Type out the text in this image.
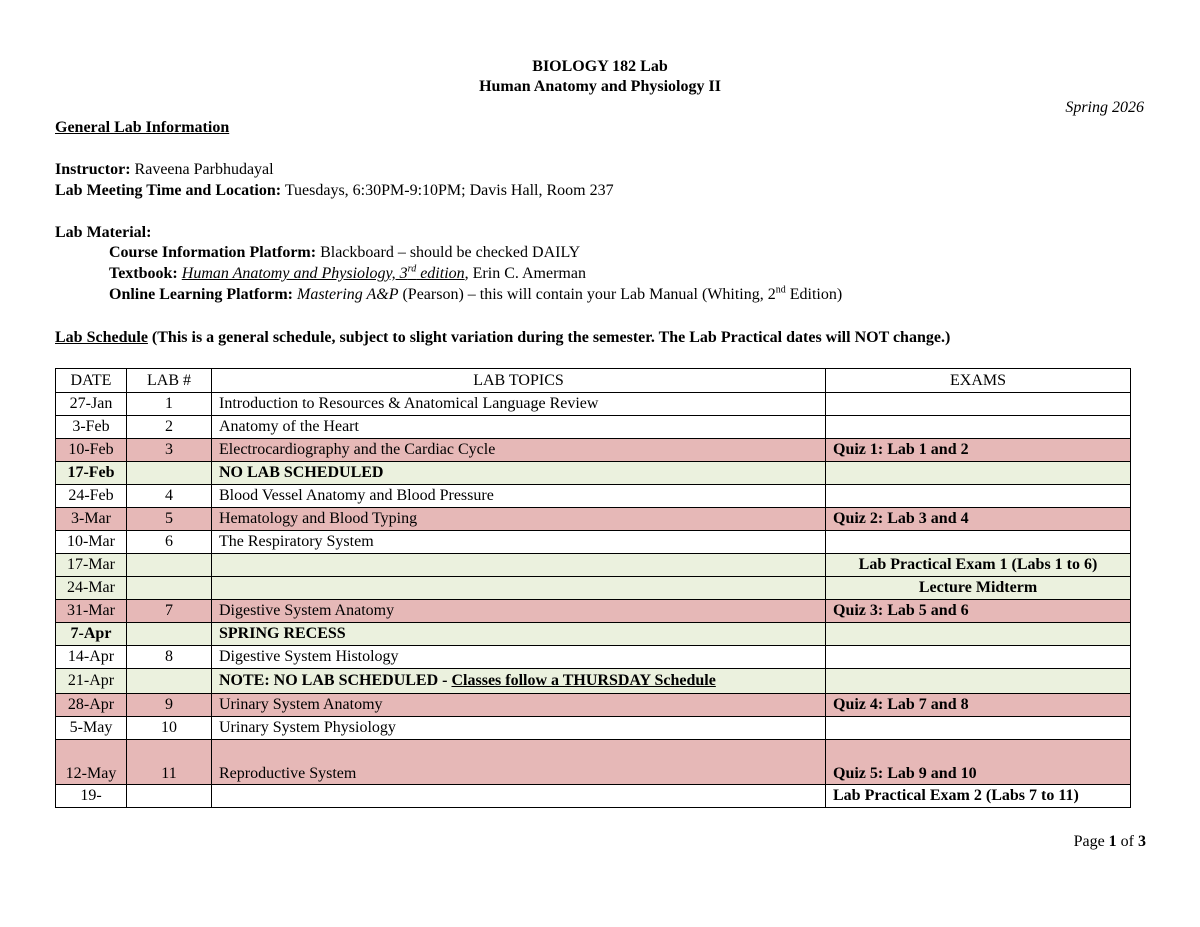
BIOLOGY 182 Lab
Human Anatomy and Physiology II
Spring 2026
General Lab Information
Instructor: Raveena Parbhudayal
Lab Meeting Time and Location: Tuesdays, 6:30PM-9:10PM; Davis Hall, Room 237
Lab Material:
Course Information Platform: Blackboard – should be checked DAILY
Textbook: Human Anatomy and Physiology, 3rd edition, Erin C. Amerman
Online Learning Platform: Mastering A&P (Pearson) – this will contain your Lab Manual (Whiting, 2nd Edition)
Lab Schedule (This is a general schedule, subject to slight variation during the semester. The Lab Practical dates will NOT change.)
DATE	LAB #	LAB TOPICS	EXAMS
27-Jan	1	Introduction to Resources & Anatomical Language Review	
3-Feb	2	Anatomy of the Heart	
10-Feb	3	Electrocardiography and the Cardiac Cycle	Quiz 1: Lab 1 and 2
17-Feb		NO LAB SCHEDULED	
24-Feb	4	Blood Vessel Anatomy and Blood Pressure	
3-Mar	5	Hematology and Blood Typing	Quiz 2: Lab 3 and 4
10-Mar	6	The Respiratory System	
17-Mar			Lab Practical Exam 1 (Labs 1 to 6)
24-Mar			Lecture Midterm
31-Mar	7	Digestive System Anatomy	Quiz 3: Lab 5 and 6
7-Apr		SPRING RECESS	
14-Apr	8	Digestive System Histology	
21-Apr		NOTE: NO LAB SCHEDULED - Classes follow a THURSDAY Schedule	
28-Apr	9	Urinary System Anatomy	Quiz 4: Lab 7 and 8
5-May	10	Urinary System Physiology	
12-May	11	Reproductive System	Quiz 5: Lab 9 and 10
19-			Lab Practical Exam 2 (Labs 7 to 11)
Page 1 of 3
